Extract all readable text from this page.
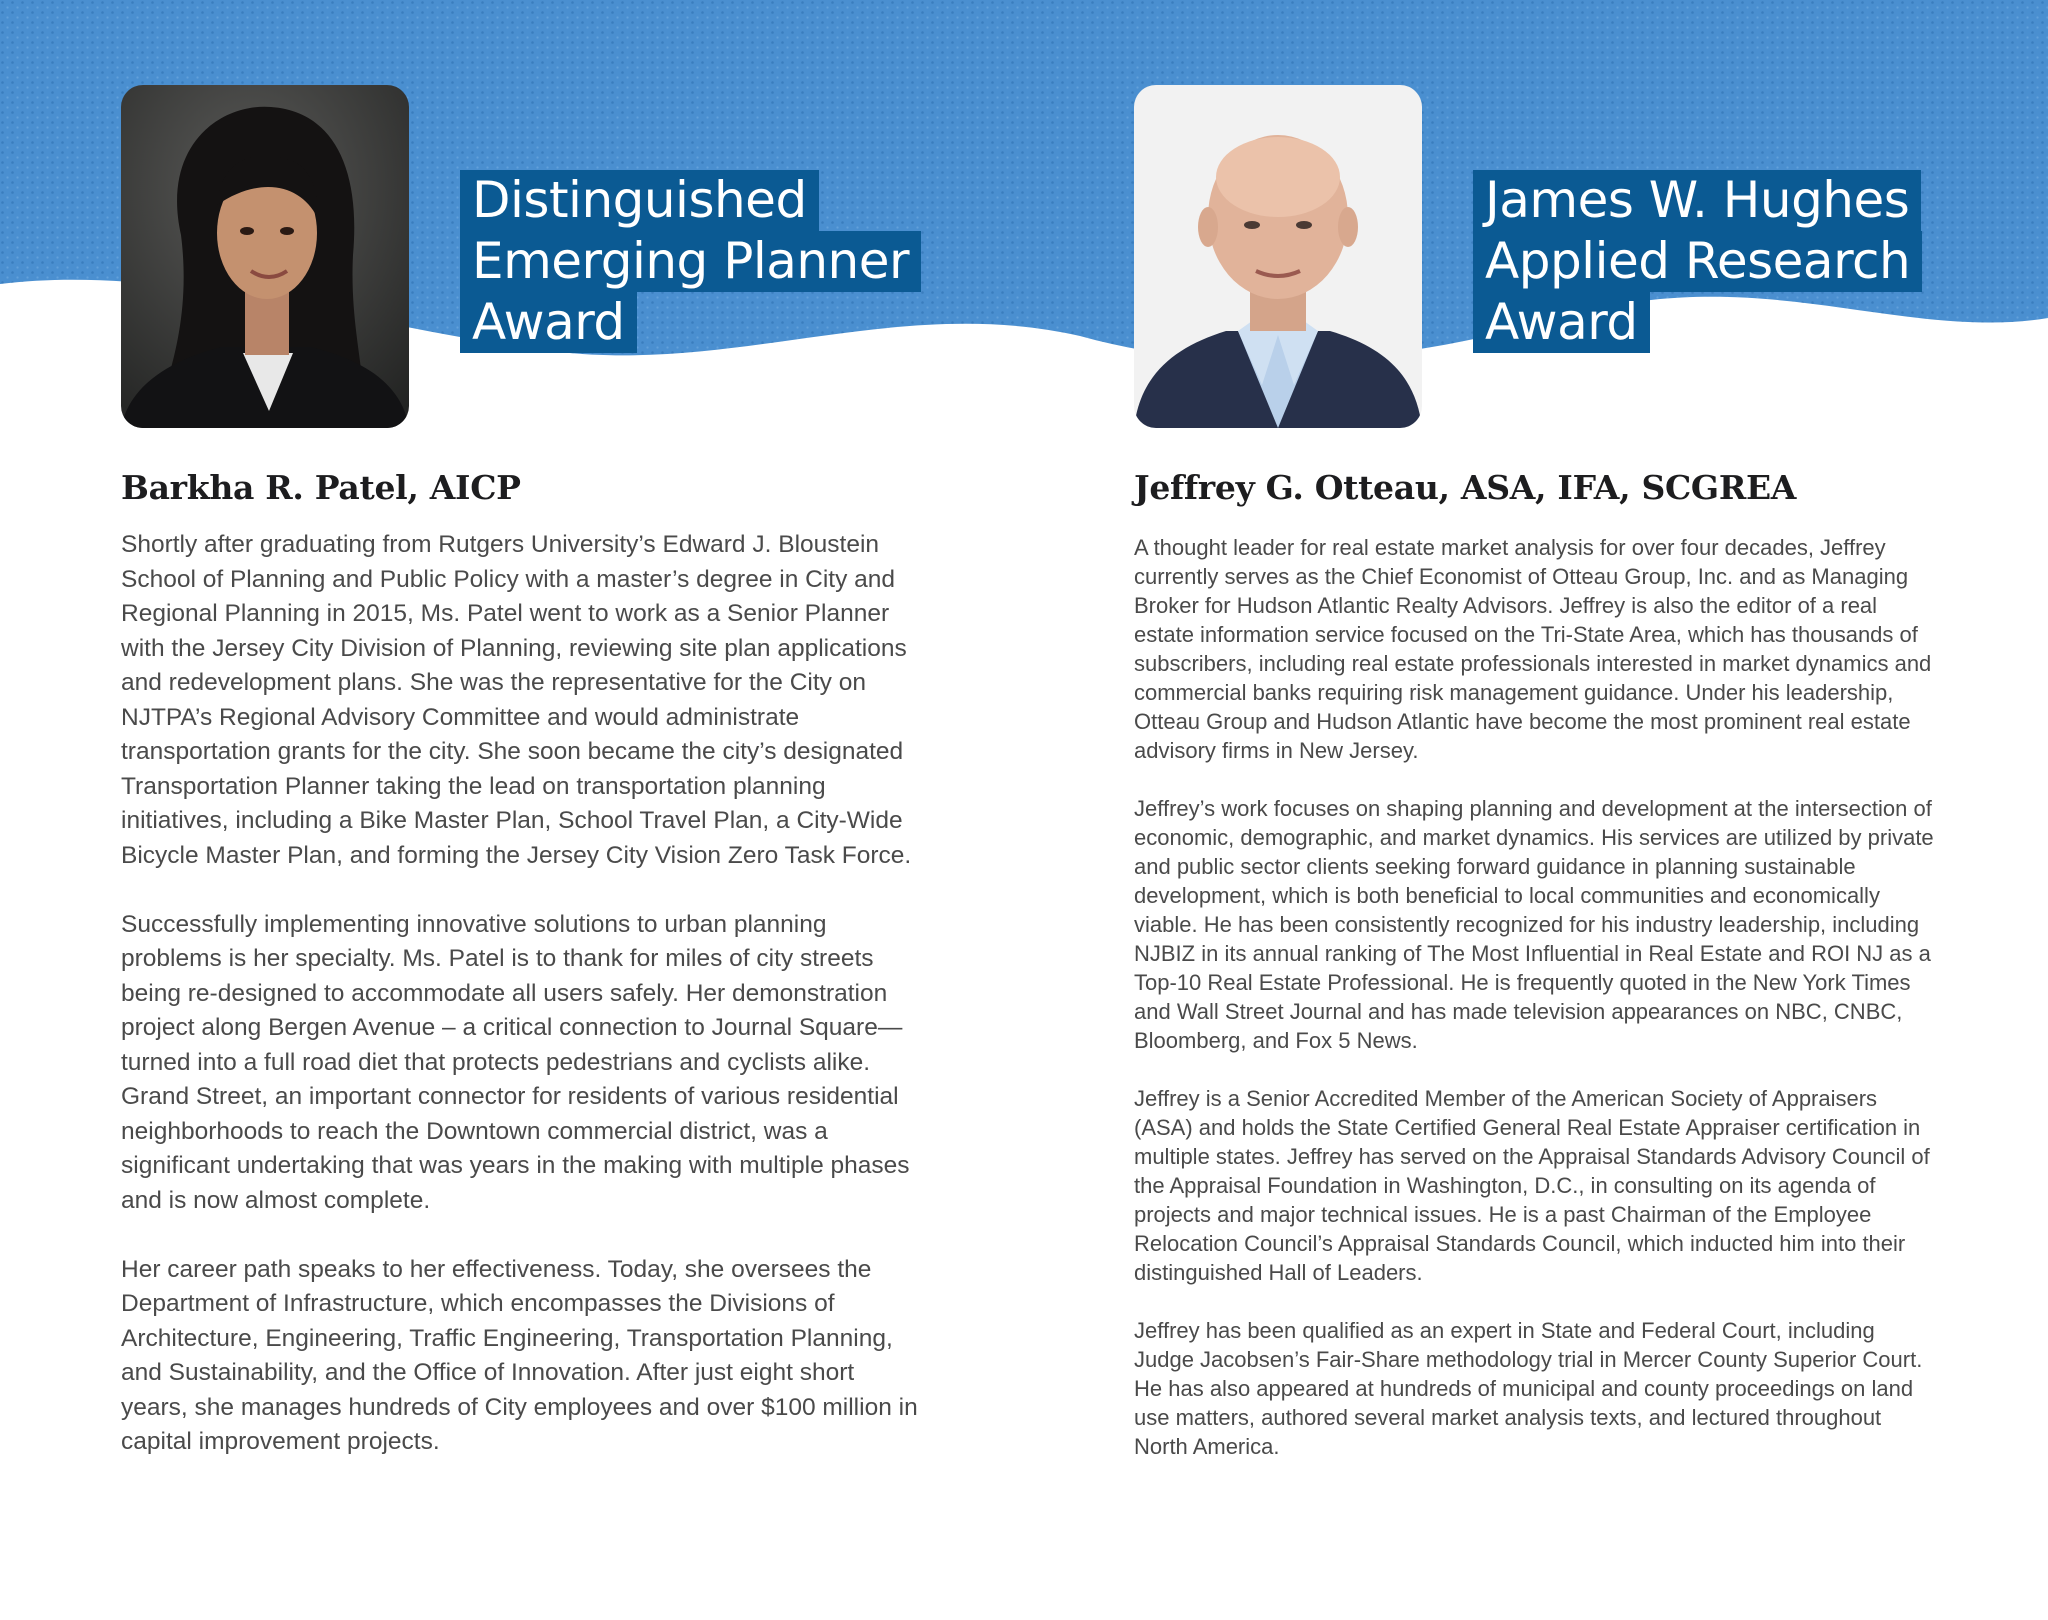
Distinguished
Emerging Planner
Award
Barkha R. Patel, AICP

Shortly after graduating from Rutgers University’s Edward J. Bloustein School of Planning and Public Policy with a master’s degree in City and Regional Planning in 2015, Ms. Patel went to work as a Senior Planner with the Jersey City Division of Planning, reviewing site plan applications and redevelopment plans. She was the representative for the City on NJTPA’s Regional Advisory Committee and would administrate transportation grants for the city. She soon became the city’s designated Transportation Planner taking the lead on transportation planning initiatives, including a Bike Master Plan, School Travel Plan, a City-Wide Bicycle Master Plan, and forming the Jersey City Vision Zero Task Force.

Successfully implementing innovative solutions to urban planning problems is her specialty. Ms. Patel is to thank for miles of city streets being re-designed to accommodate all users safely. Her demonstration project along Bergen Avenue – a critical connection to Journal Square—turned into a full road diet that protects pedestrians and cyclists alike. Grand Street, an important connector for residents of various residential neighborhoods to reach the Downtown commercial district, was a significant undertaking that was years in the making with multiple phases and is now almost complete.

Her career path speaks to her effectiveness. Today, she oversees the Department of Infrastructure, which encompasses the Divisions of Architecture, Engineering, Traffic Engineering, Transportation Planning, and Sustainability, and the Office of Innovation. After just eight short years, she manages hundreds of City employees and over $100 million in capital improvement projects.

James W. Hughes
Applied Research
Award
Jeffrey G. Otteau, ASA, IFA, SCGREA

A thought leader for real estate market analysis for over four decades, Jeffrey currently serves as the Chief Economist of Otteau Group, Inc. and as Managing Broker for Hudson Atlantic Realty Advisors. Jeffrey is also the editor of a real estate information service focused on the Tri-State Area, which has thousands of subscribers, including real estate professionals interested in market dynamics and commercial banks requiring risk management guidance. Under his leadership, Otteau Group and Hudson Atlantic have become the most prominent real estate advisory firms in New Jersey.

Jeffrey’s work focuses on shaping planning and development at the intersection of economic, demographic, and market dynamics. His services are utilized by private and public sector clients seeking forward guidance in planning sustainable development, which is both beneficial to local communities and economically viable. He has been consistently recognized for his industry leadership, including NJBIZ in its annual ranking of The Most Influential in Real Estate and ROI NJ as a Top-10 Real Estate Professional. He is frequently quoted in the New York Times and Wall Street Journal and has made television appearances on NBC, CNBC, Bloomberg, and Fox 5 News.

Jeffrey is a Senior Accredited Member of the American Society of Appraisers (ASA) and holds the State Certified General Real Estate Appraiser certification in multiple states. Jeffrey has served on the Appraisal Standards Advisory Council of the Appraisal Foundation in Washington, D.C., in consulting on its agenda of projects and major technical issues. He is a past Chairman of the Employee Relocation Council’s Appraisal Standards Council, which inducted him into their distinguished Hall of Leaders.

Jeffrey has been qualified as an expert in State and Federal Court, including Judge Jacobsen’s Fair-Share methodology trial in Mercer County Superior Court. He has also appeared at hundreds of municipal and county proceedings on land use matters, authored several market analysis texts, and lectured throughout North America.
